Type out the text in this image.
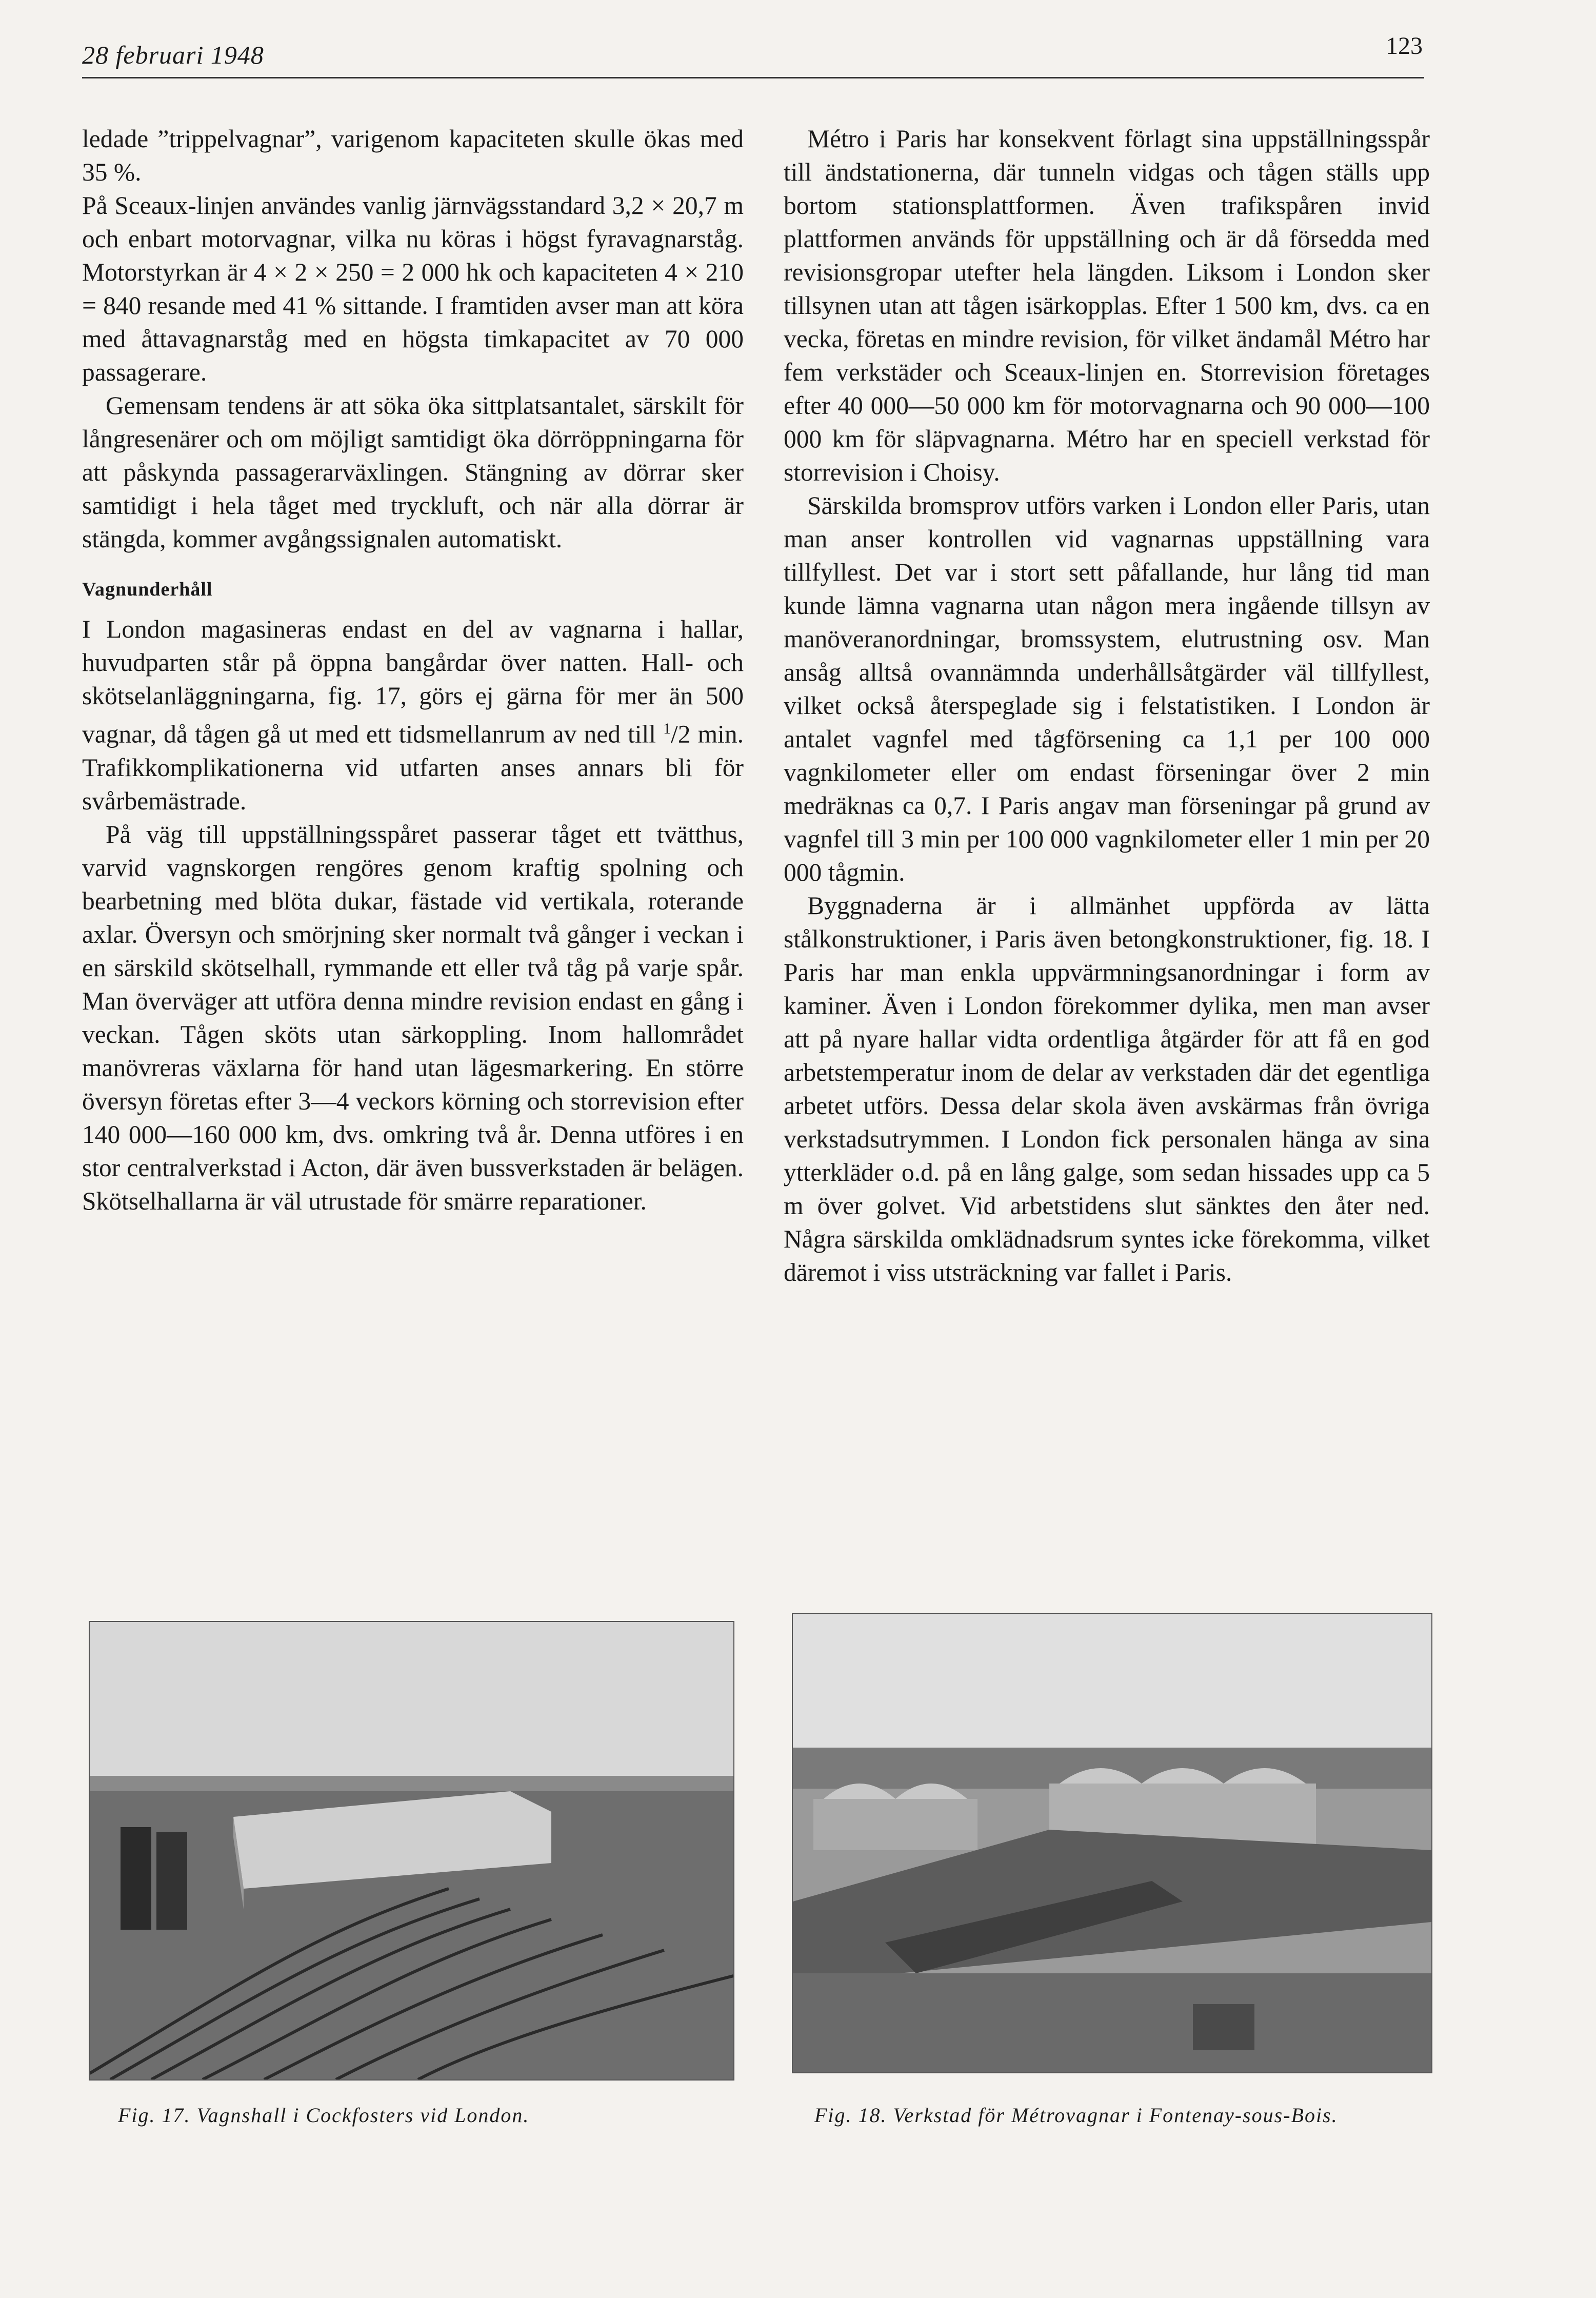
28 februari 1948	123

ledade ”trippelvagnar”, varigenom kapaciteten skulle ökas med 35 %.

På Sceaux-linjen användes vanlig järnvägsstandard 3,2 × 20,7 m och enbart motorvagnar, vilka nu köras i högst fyravagnarståg. Motorstyrkan är 4 × 2 × 250 = 2 000 hk och kapaciteten 4 × 210 = 840 resande med 41 % sittande. I framtiden avser man att köra med åttavagnarståg med en högsta timkapacitet av 70 000 passagerare.

Gemensam tendens är att söka öka sittplatsantalet, särskilt för långresenärer och om möjligt samtidigt öka dörröppningarna för att påskynda passagerarväxlingen. Stängning av dörrar sker samtidigt i hela tåget med tryckluft, och när alla dörrar är stängda, kommer avgångssignalen automatiskt.

Vagnunderhåll

I London magasineras endast en del av vagnarna i hallar, huvudparten står på öppna bangårdar över natten. Hall- och skötselanläggningarna, fig. 17, görs ej gärna för mer än 500 vagnar, då tågen gå ut med ett tidsmellanrum av ned till $^1$/2 min. Trafikkomplikationerna vid utfarten anses annars bli för svårbemästrade.

På väg till uppställningsspåret passerar tåget ett tvätthus, varvid vagnskorgen rengöres genom kraftig spolning och bearbetning med blöta dukar, fästade vid vertikala, roterande axlar. Översyn och smörjning sker normalt två gånger i veckan i en särskild skötselhall, rymmande ett eller två tåg på varje spår. Man överväger att utföra denna mindre revision endast en gång i veckan. Tågen sköts utan särkoppling. Inom hallområdet manövreras växlarna för hand utan lägesmarkering. En större översyn företas efter 3—4 veckors körning och storrevision efter 140 000—160 000 km, dvs. omkring två år. Denna utföres i en stor centralverkstad i Acton, där även bussverkstaden är belägen. Skötselhallarna är väl utrustade för smärre reparationer.

Métro i Paris har konsekvent förlagt sina uppställningsspår till ändstationerna, där tunneln vidgas och tågen ställs upp bortom stationsplattformen. Även trafikspåren invid plattformen används för uppställning och är då försedda med revisionsgropar utefter hela längden. Liksom i London sker tillsynen utan att tågen isärkopplas. Efter 1 500 km, dvs. ca en vecka, företas en mindre revision, för vilket ändamål Métro har fem verkstäder och Sceaux-linjen en. Storrevision företages efter 40 000—50 000 km för motorvagnarna och 90 000—100 000 km för släpvagnarna. Métro har en speciell verkstad för storrevision i Choisy.

Särskilda bromsprov utförs varken i London eller Paris, utan man anser kontrollen vid vagnarnas uppställning vara tillfyllest. Det var i stort sett påfallande, hur lång tid man kunde lämna vagnarna utan någon mera ingående tillsyn av manöveranordningar, bromssystem, elutrustning osv. Man ansåg alltså ovannämnda underhållsåtgärder väl tillfyllest, vilket också återspeglade sig i felstatistiken. I London är antalet vagnfel med tågförsening ca 1,1 per 100 000 vagnkilometer eller om endast förseningar över 2 min medräknas ca 0,7. I Paris angav man förseningar på grund av vagnfel till 3 min per 100 000 vagnkilometer eller 1 min per 20 000 tågmin.

Byggnaderna är i allmänhet uppförda av lätta stålkonstruktioner, i Paris även betongkonstruktioner, fig. 18. I Paris har man enkla uppvärmningsanordningar i form av kaminer. Även i London förekommer dylika, men man avser att på nyare hallar vidta ordentliga åtgärder för att få en god arbetstemperatur inom de delar av verkstaden där det egentliga arbetet utförs. Dessa delar skola även avskärmas från övriga verkstadsutrymmen. I London fick personalen hänga av sina ytterkläder o.d. på en lång galge, som sedan hissades upp ca 5 m över golvet. Vid arbetstidens slut sänktes den åter ned. Några särskilda omklädnadsrum syntes icke förekomma, vilket däremot i viss utsträckning var fallet i Paris.

Fig. 17. Vagnshall i Cockfosters vid London.	Fig. 18. Verkstad för Métrovagnar i Fontenay-sous-Bois.
